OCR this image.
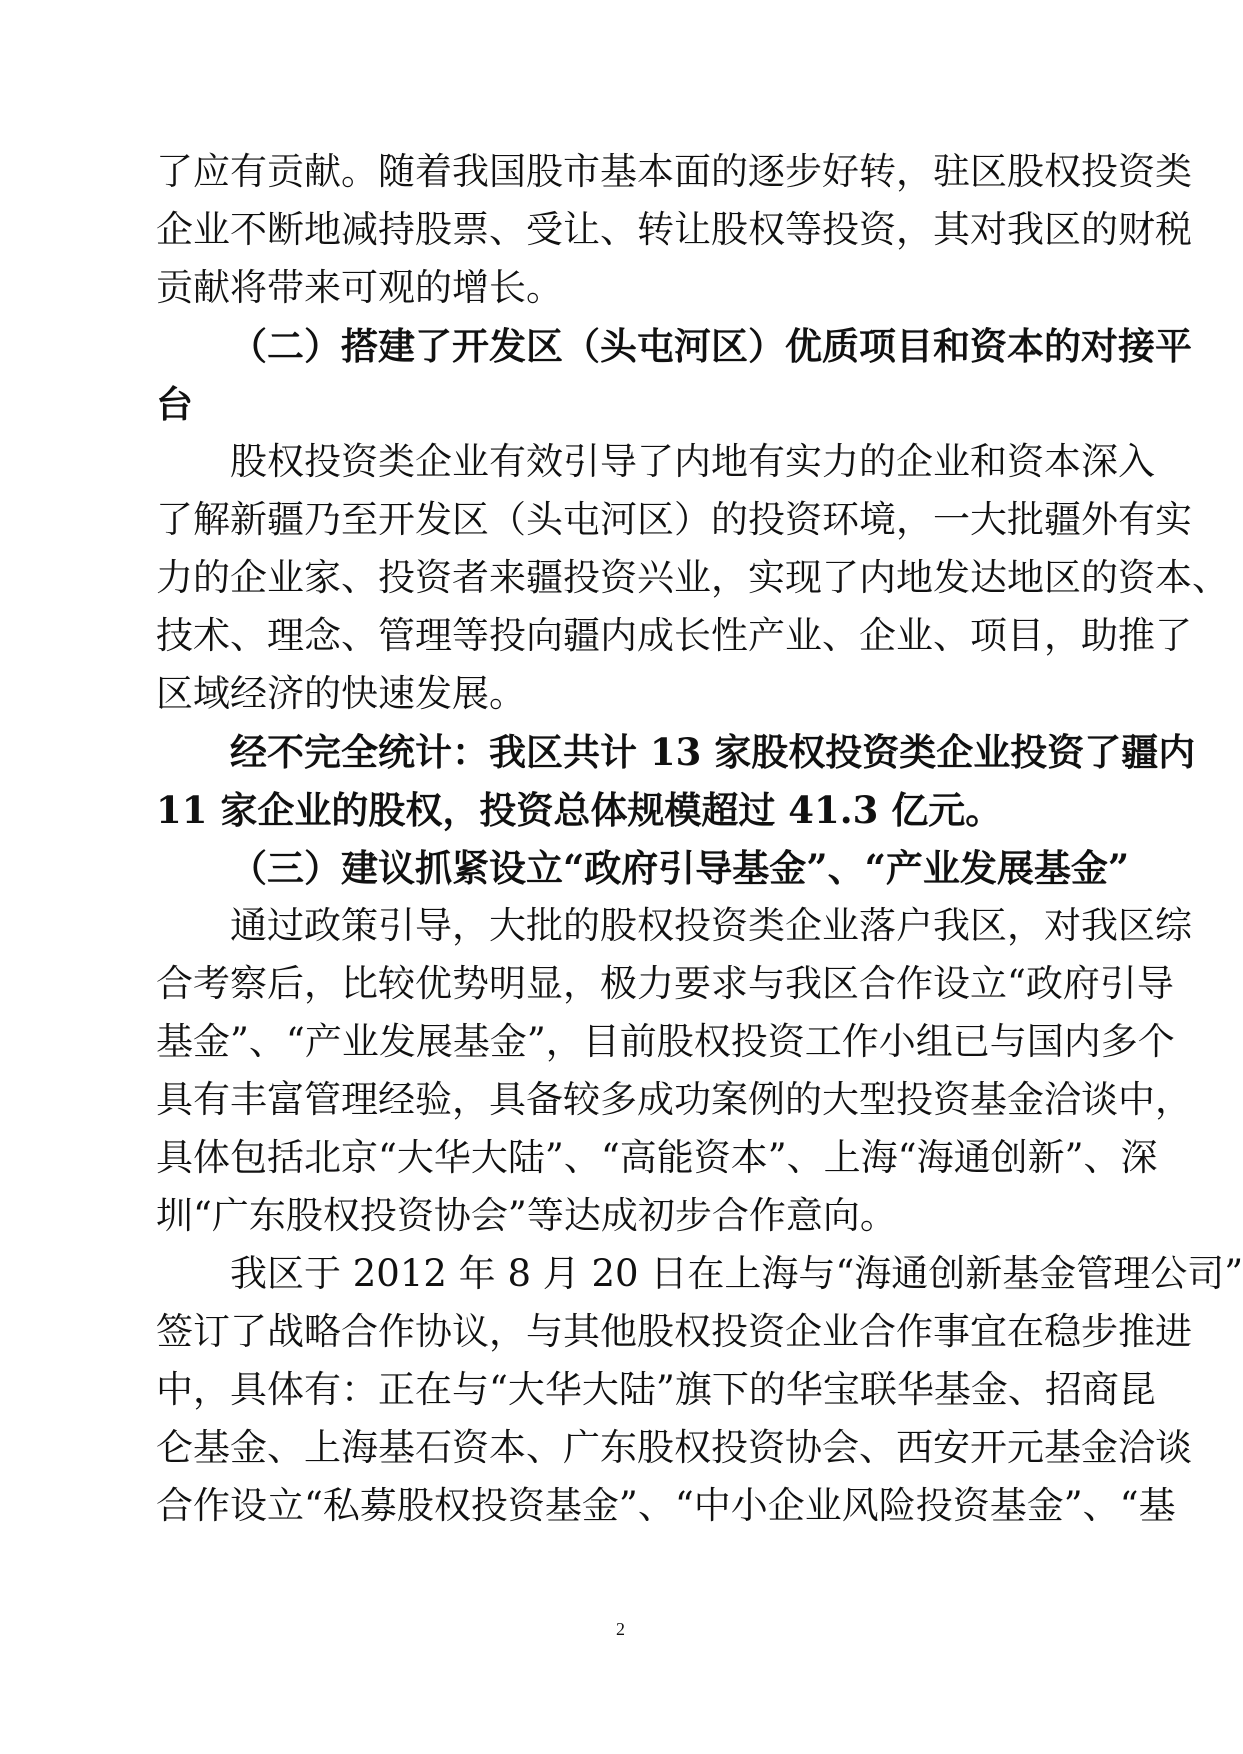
了应有贡献。随着我国股市基本面的逐步好转，驻区股权投资类
企业不断地减持股票、受让、转让股权等投资，其对我区的财税
贡献将带来可观的增长。
（二）搭建了开发区（头屯河区）优质项目和资本的对接平
台
股权投资类企业有效引导了内地有实力的企业和资本深入
了解新疆乃至开发区（头屯河区）的投资环境，一大批疆外有实
力的企业家、投资者来疆投资兴业，实现了内地发达地区的资本、
技术、理念、管理等投向疆内成长性产业、企业、项目，助推了
区域经济的快速发展。
经不完全统计：我区共计 13 家股权投资类企业投资了疆内
11 家企业的股权，投资总体规模超过 41.3 亿元。
（三）建议抓紧设立“政府引导基金”、“产业发展基金”
通过政策引导，大批的股权投资类企业落户我区，对我区综
合考察后，比较优势明显，极力要求与我区合作设立“政府引导
基金”、“产业发展基金”，目前股权投资工作小组已与国内多个
具有丰富管理经验，具备较多成功案例的大型投资基金洽谈中，
具体包括北京“大华大陆”、“高能资本”、上海“海通创新”、深
圳“广东股权投资协会”等达成初步合作意向。
我区于 2012 年 8 月 20 日在上海与“海通创新基金管理公司”
签订了战略合作协议，与其他股权投资企业合作事宜在稳步推进
中，具体有：正在与“大华大陆”旗下的华宝联华基金、招商昆
仑基金、上海基石资本、广东股权投资协会、西安开元基金洽谈
合作设立“私募股权投资基金”、“中小企业风险投资基金”、“基
2
